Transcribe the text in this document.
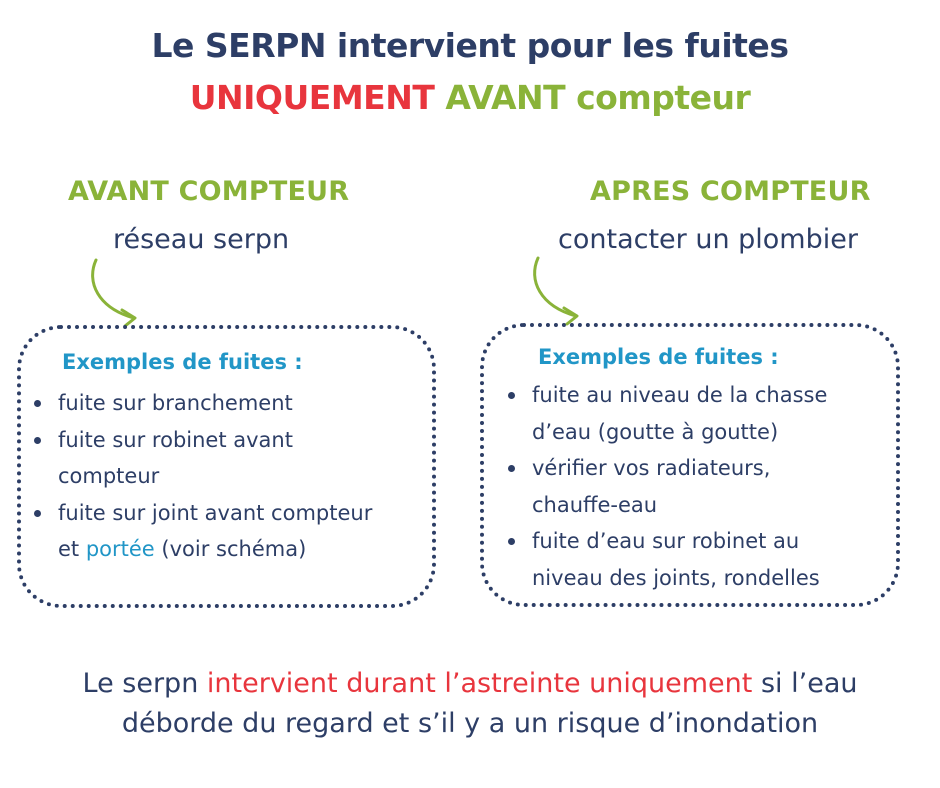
Le SERPN intervient pour les fuites
UNIQUEMENT AVANT compteur
AVANT COMPTEUR
réseau serpn
Exemples de fuites :
fuite sur branchement
fuite sur robinet avant compteur
fuite sur joint avant compteur
et portée (voir schéma)
APRES COMPTEUR
contacter un plombier
Exemples de fuites :
fuite au niveau de la chasse d’eau (goutte à goutte)
vérifier vos radiateurs, chauffe-eau
fuite d’eau sur robinet au niveau des joints, rondelles
Le serpn intervient durant l’astreinte uniquement si l’eau
déborde du regard et s’il y a un risque d’inondation
